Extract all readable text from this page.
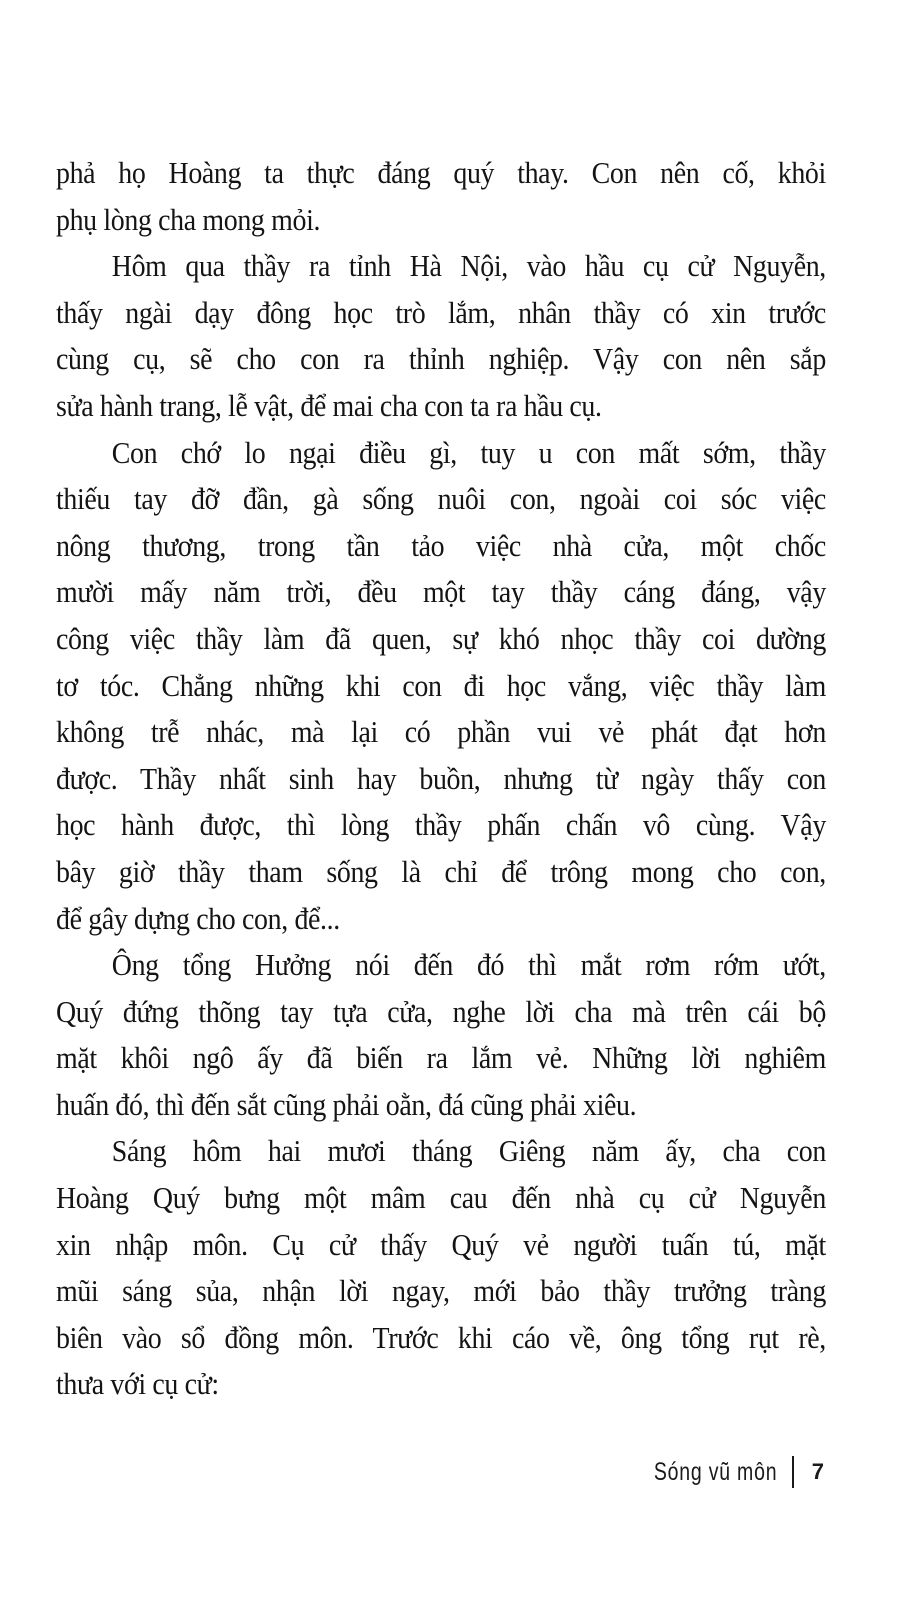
phả họ Hoàng ta thực đáng quý thay. Con nên cố, khỏi
phụ lòng cha mong mỏi.
Hôm qua thầy ra tỉnh Hà Nội, vào hầu cụ cử Nguyễn,
thấy ngài dạy đông học trò lắm, nhân thầy có xin trước
cùng cụ, sẽ cho con ra thỉnh nghiệp. Vậy con nên sắp
sửa hành trang, lễ vật, để mai cha con ta ra hầu cụ.
Con chớ lo ngại điều gì, tuy u con mất sớm, thầy
thiếu tay đỡ đần, gà sống nuôi con, ngoài coi sóc việc
nông thương, trong tần tảo việc nhà cửa, một chốc
mười mấy năm trời, đều một tay thầy cáng đáng, vậy
công việc thầy làm đã quen, sự khó nhọc thầy coi dường
tơ tóc. Chẳng những khi con đi học vắng, việc thầy làm
không trễ nhác, mà lại có phần vui vẻ phát đạt hơn
được. Thầy nhất sinh hay buồn, nhưng từ ngày thấy con
học hành được, thì lòng thầy phấn chấn vô cùng. Vậy
bây giờ thầy tham sống là chỉ để trông mong cho con,
để gây dựng cho con, để...
Ông tổng Hưởng nói đến đó thì mắt rơm rớm ướt,
Quý đứng thõng tay tựa cửa, nghe lời cha mà trên cái bộ
mặt khôi ngô ấy đã biến ra lắm vẻ. Những lời nghiêm
huấn đó, thì đến sắt cũng phải oằn, đá cũng phải xiêu.
Sáng hôm hai mươi tháng Giêng năm ấy, cha con
Hoàng Quý bưng một mâm cau đến nhà cụ cử Nguyễn
xin nhập môn. Cụ cử thấy Quý vẻ người tuấn tú, mặt
mũi sáng sủa, nhận lời ngay, mới bảo thầy trưởng tràng
biên vào sổ đồng môn. Trước khi cáo về, ông tổng rụt rè,
thưa với cụ cử:
Sóng vũ môn 7
